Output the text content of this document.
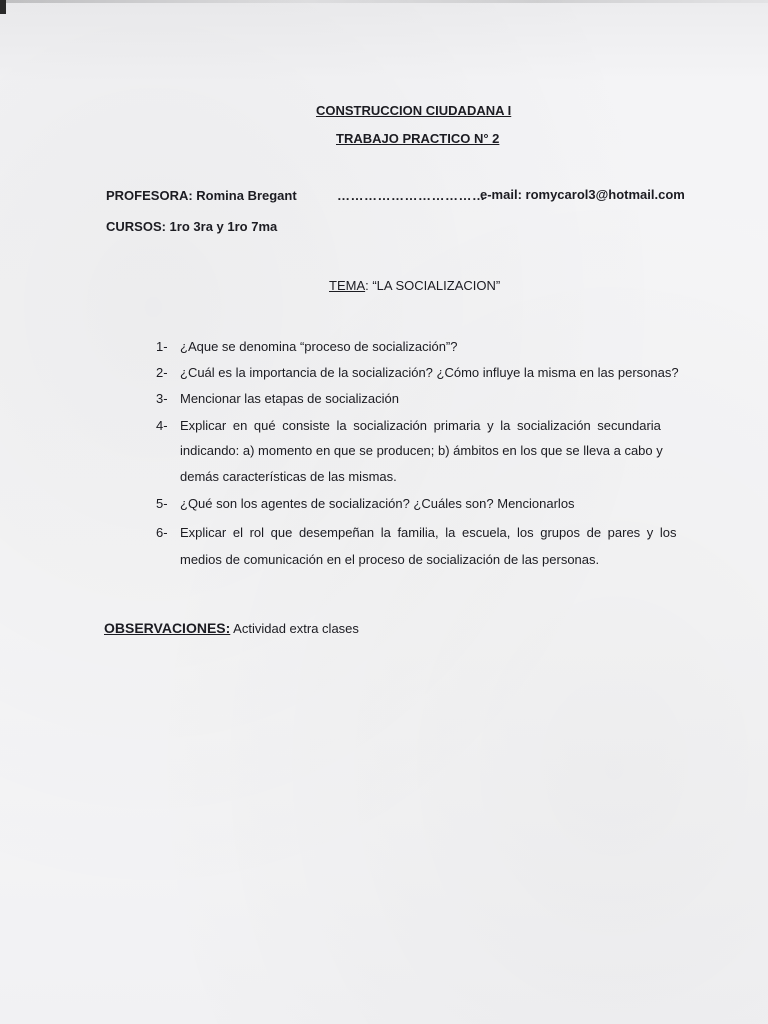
CONSTRUCCION CIUDADANA I
TRABAJO PRACTICO N° 2
PROFESORA: Romina Bregant	……………………………
e-mail: romycarol3@hotmail.com
CURSOS: 1ro 3ra y 1ro 7ma
TEMA: “LA SOCIALIZACION”
1- ¿Aque se denomina “proceso de socialización”?
2- ¿Cuál es la importancia de la socialización? ¿Cómo influye la misma en las personas?
3- Mencionar las etapas de socialización
4- Explicar en qué consiste la socialización primaria y la socialización secundaria
indicando: a) momento en que se producen; b) ámbitos en los que se lleva a cabo y
demás características de las mismas.
5- ¿Qué son los agentes de socialización? ¿Cuáles son? Mencionarlos
6- Explicar el rol que desempeñan la familia, la escuela, los grupos de pares y los
medios de comunicación en el proceso de socialización de las personas.
OBSERVACIONES: Actividad extra clases
